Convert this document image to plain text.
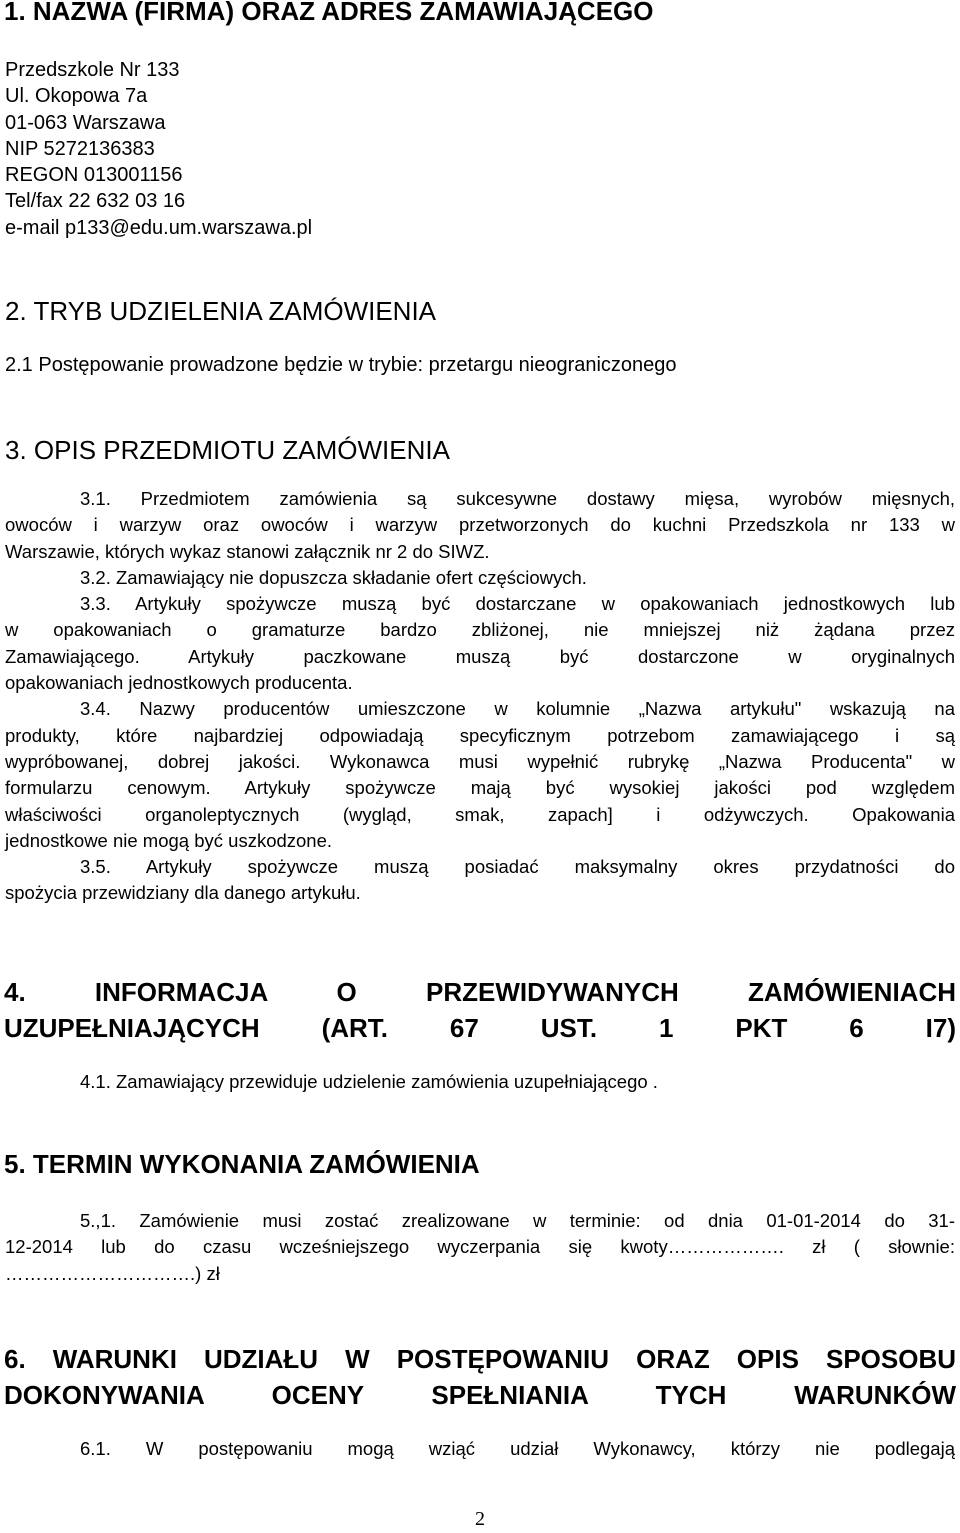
1. NAZWA (FIRMA) ORAZ ADRES ZAMAWIAJĄCEGO
Przedszkole Nr 133
Ul. Okopowa 7a
01-063 Warszawa
NIP 5272136383
REGON 013001156
Tel/fax 22 632 03 16
e-mail p133@edu.um.warszawa.pl
2. TRYB UDZIELENIA ZAMÓWIENIA
2.1 Postępowanie prowadzone będzie w trybie: przetargu nieograniczonego
3. OPIS PRZEDMIOTU ZAMÓWIENIA
3.1. Przedmiotem zamówienia są sukcesywne dostawy mięsa, wyrobów mięsnych,
owoców i warzyw oraz owoców i warzyw przetworzonych do kuchni Przedszkola nr 133 w
Warszawie, których wykaz stanowi załącznik nr 2 do SIWZ.
3.2. Zamawiający nie dopuszcza składanie ofert częściowych.
3.3. Artykuły spożywcze muszą być dostarczane w opakowaniach jednostkowych lub
w opakowaniach o gramaturze bardzo zbliżonej, nie mniejszej niż żądana przez
Zamawiającego. Artykuły paczkowane muszą być dostarczone w oryginalnych
opakowaniach jednostkowych producenta.
3.4. Nazwy producentów umieszczone w kolumnie „Nazwa artykułu" wskazują na
produkty, które najbardziej odpowiadają specyficznym potrzebom zamawiającego i są
wypróbowanej, dobrej jakości. Wykonawca musi wypełnić rubrykę „Nazwa Producenta" w
formularzu cenowym. Artykuły spożywcze mają być wysokiej jakości pod względem
właściwości organoleptycznych (wygląd, smak, zapach] i odżywczych. Opakowania
jednostkowe nie mogą być uszkodzone.
3.5. Artykuły spożywcze muszą posiadać maksymalny okres przydatności do
spożycia przewidziany dla danego artykułu.
4. INFORMACJA O PRZEWIDYWANYCH ZAMÓWIENIACH
UZUPEŁNIAJĄCYCH (ART. 67 UST. 1 PKT 6 I7)
4.1. Zamawiający przewiduje udzielenie zamówienia uzupełniającego .
5. TERMIN WYKONANIA ZAMÓWIENIA
5.,1. Zamówienie musi zostać zrealizowane w terminie: od dnia 01-01-2014 do 31-
12-2014 lub do czasu wcześniejszego wyczerpania się kwoty………………. zł ( słownie:
………………………….) zł
6. WARUNKI UDZIAŁU W POSTĘPOWANIU ORAZ OPIS SPOSOBU
DOKONYWANIA OCENY SPEŁNIANIA TYCH WARUNKÓW
6.1. W postępowaniu mogą wziąć udział Wykonawcy, którzy nie podlegają
2
